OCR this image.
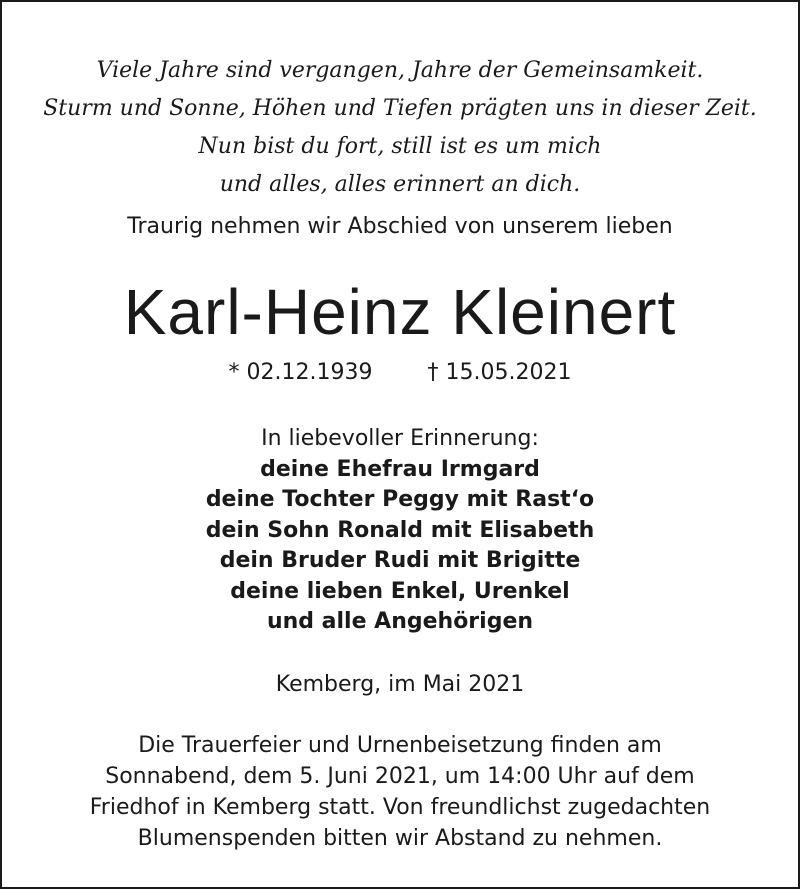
Viele Jahre sind vergangen, Jahre der Gemeinsamkeit.
Sturm und Sonne, Höhen und Tiefen prägten uns in dieser Zeit.
Nun bist du fort, still ist es um mich
und alles, alles erinnert an dich.
Traurig nehmen wir Abschied von unserem lieben
Karl-Heinz Kleinert
* 02.12.1939	† 15.05.2021
In liebevoller Erinnerung:
deine Ehefrau Irmgard
deine Tochter Peggy mit Rast‘o
dein Sohn Ronald mit Elisabeth
dein Bruder Rudi mit Brigitte
deine lieben Enkel, Urenkel
und alle Angehörigen
Kemberg, im Mai 2021
Die Trauerfeier und Urnenbeisetzung finden am
Sonnabend, dem 5. Juni 2021, um 14:00 Uhr auf dem
Friedhof in Kemberg statt. Von freundlichst zugedachten
Blumenspenden bitten wir Abstand zu nehmen.
